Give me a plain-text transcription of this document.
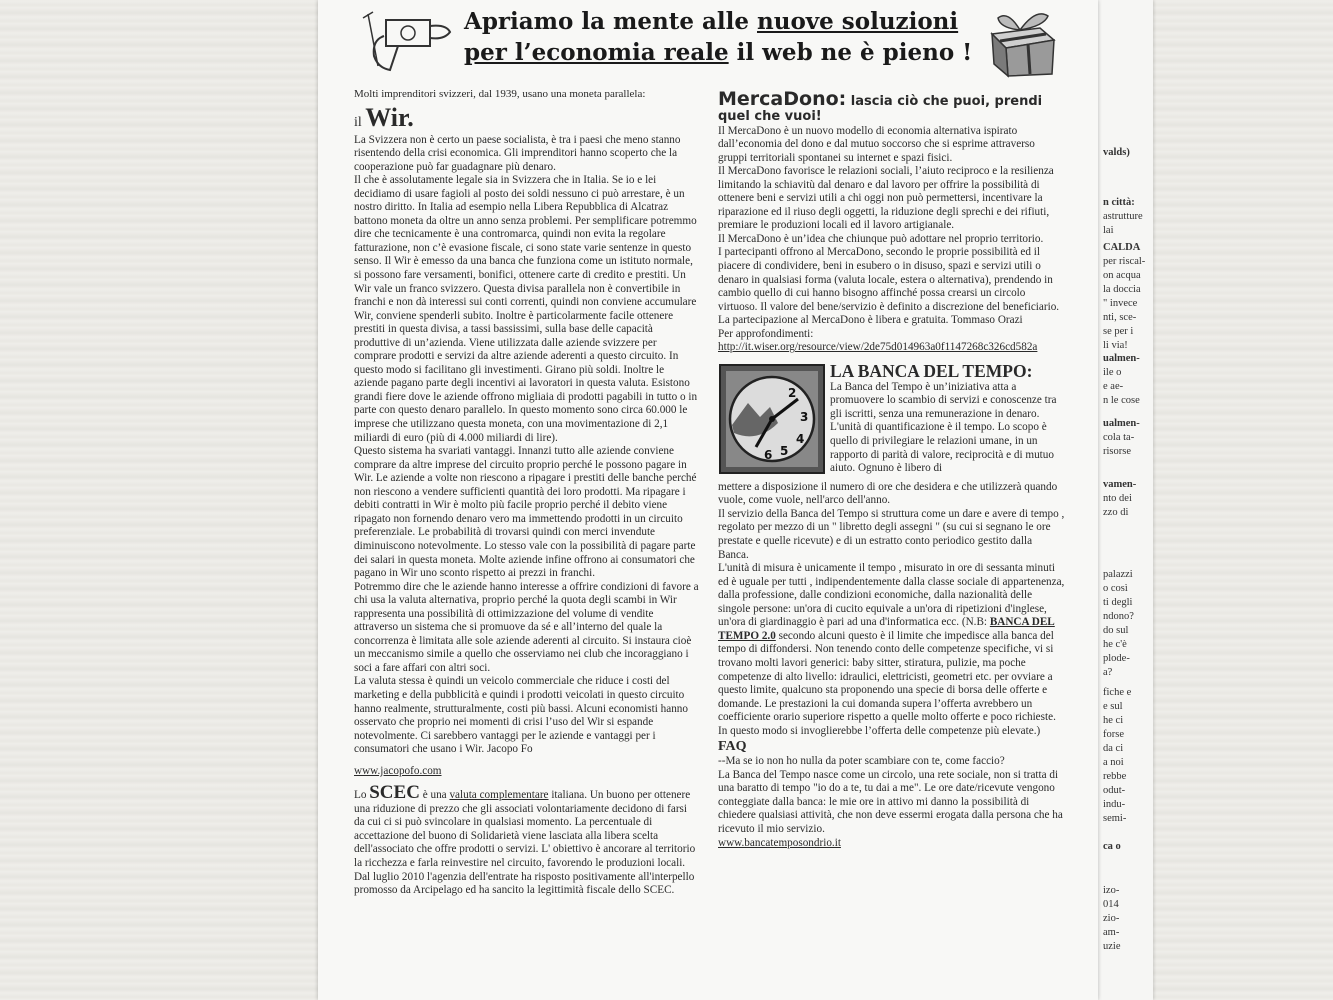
valds)
n città:
astrutture
lai
CALDA
per riscal-
on acqua
la doccia
" invece
nti, sce-
se per i
li via!
ualmen-
ile o
e ae-
n le cose
ualmen-
cola ta-
risorse
vamen-
nto dei
zzo di
palazzi
o così
ti degli
ndono?
do sul
he c'è
plode-
a?
fiche e
e sul
he ci
forse
da ci
a noi
rebbe
odut-
indu-
semi-
ca o
izo-
014
zio-
am-
uzie
Apriamo la mente alle nuove soluzioni
per l’economia reale il web ne è pieno !

Molti imprenditori svizzeri, dal 1939, usano una moneta parallela:

il Wir.

La Svizzera non è certo un paese socialista, è tra i paesi che meno stanno risentendo della crisi economica. Gli imprenditori hanno scoperto che la cooperazione può far guadagnare più denaro.

Il che è assolutamente legale sia in Svizzera che in Italia. Se io e lei decidiamo di usare fagioli al posto dei soldi nessuno ci può arrestare, è un nostro diritto. In Italia ad esempio nella Libera Repubblica di Alcatraz battono moneta da oltre un anno senza problemi. Per semplificare potremmo dire che tecnicamente è una contromarca, quindi non evita la regolare fatturazione, non c’è evasione fiscale, ci sono state varie sentenze in questo senso. Il Wir è emesso da una banca che funziona come un istituto normale, si possono fare versamenti, bonifici, ottenere carte di credito e prestiti. Un Wir vale un franco svizzero. Questa divisa parallela non è convertibile in franchi e non dà interessi sui conti correnti, quindi non conviene accumulare Wir, conviene spenderli subito. Inoltre è particolarmente facile ottenere prestiti in questa divisa, a tassi bassissimi, sulla base delle capacità produttive di un’azienda. Viene utilizzata dalle aziende svizzere per comprare prodotti e servizi da altre aziende aderenti a questo circuito. In questo modo si facilitano gli investimenti. Girano più soldi. Inoltre le aziende pagano parte degli incentivi ai lavoratori in questa valuta. Esistono grandi fiere dove le aziende offrono migliaia di prodotti pagabili in tutto o in parte con questo denaro parallelo. In questo momento sono circa 60.000 le imprese che utilizzano questa moneta, con una movimentazione di 2,1 miliardi di euro (più di 4.000 miliardi di lire).

Questo sistema ha svariati vantaggi. Innanzi tutto alle aziende conviene comprare da altre imprese del circuito proprio perché le possono pagare in Wir. Le aziende a volte non riescono a ripagare i prestiti delle banche perché non riescono a vendere sufficienti quantità dei loro prodotti. Ma ripagare i debiti contratti in Wir è molto più facile proprio perché il debito viene ripagato non fornendo denaro vero ma immettendo prodotti in un circuito preferenziale. Le probabilità di trovarsi quindi con merci invendute diminuiscono notevolmente. Lo stesso vale con la possibilità di pagare parte dei salari in questa moneta. Molte aziende infine offrono ai consumatori che pagano in Wir uno sconto rispetto ai prezzi in franchi.

Potremmo dire che le aziende hanno interesse a offrire condizioni di favore a chi usa la valuta alternativa, proprio perché la quota degli scambi in Wir rappresenta una possibilità di ottimizzazione del volume di vendite attraverso un sistema che si promuove da sé e all’interno del quale la concorrenza è limitata alle sole aziende aderenti al circuito. Si instaura cioè un meccanismo simile a quello che osserviamo nei club che incoraggiano i soci a fare affari con altri soci.

La valuta stessa è quindi un veicolo commerciale che riduce i costi del marketing e della pubblicità e quindi i prodotti veicolati in questo circuito hanno realmente, strutturalmente, costi più bassi. Alcuni economisti hanno osservato che proprio nei momenti di crisi l’uso del Wir si espande notevolmente. Ci sarebbero vantaggi per le aziende e vantaggi per i consumatori che usano i Wir. Jacopo Fo

www.jacopofo.com

Lo SCEC è una valuta complementare italiana. Un buono per ottenere una riduzione di prezzo che gli associati volontariamente decidono di farsi da cui ci si può svincolare in qualsiasi momento. La percentuale di accettazione del buono di Solidarietà viene lasciata alla libera scelta dell'associato che offre prodotti o servizi. L' obiettivo è ancorare al territorio la ricchezza e farla reinvestire nel circuito, favorendo le produzioni locali. Dal luglio 2010 l'agenzia dell'entrate ha risposto positivamente all'interpello promosso da Arcipelago ed ha sancito la legittimità fiscale dello SCEC.

MercaDono: lascia ciò che puoi, prendi quel che vuoi!

Il MercaDono è un nuovo modello di economia alternativa ispirato dall’economia del dono e dal mutuo soccorso che si esprime attraverso gruppi territoriali spontanei su internet e spazi fisici.

Il MercaDono favorisce le relazioni sociali, l’aiuto reciproco e la resilienza limitando la schiavitù dal denaro e dal lavoro per offrire la possibilità di ottenere beni e servizi utili a chi oggi non può permettersi, incentivare la riparazione ed il riuso degli oggetti, la riduzione degli sprechi e dei rifiuti, premiare le produzioni locali ed il lavoro artigianale.

Il MercaDono è un’idea che chiunque può adottare nel proprio territorio.

I partecipanti offrono al MercaDono, secondo le proprie possibilità ed il piacere di condividere, beni in esubero o in disuso, spazi e servizi utili o denaro in qualsiasi forma (valuta locale, estera o alternativa), prendendo in cambio quello di cui hanno bisogno affinché possa crearsi un circolo virtuoso. Il valore del bene/servizio è definito a discrezione del beneficiario. La partecipazione al MercaDono è libera e gratuita. Tommaso Orazi

Per approfondimenti: http://it.wiser.org/resource/view/2de75d014963a0f1147268c326cd582a

2
3
4
5
6
LA BANCA DEL TEMPO:
La Banca del Tempo è un’iniziativa atta a promuovere lo scambio di servizi e conoscenze tra gli iscritti, senza una remunerazione in denaro. L'unità di quantificazione è il tempo. Lo scopo è quello di privilegiare le relazioni umane, in un rapporto di parità di valore, reciprocità e di mutuo aiuto. Ognuno è libero di

mettere a disposizione il numero di ore che desidera e che utilizzerà quando vuole, come vuole, nell'arco dell'anno.

Il servizio della Banca del Tempo si struttura come un dare e avere di tempo , regolato per mezzo di un " libretto degli assegni " (su cui si segnano le ore prestate e quelle ricevute) e di un estratto conto periodico gestito dalla Banca.

L'unità di misura è unicamente il tempo , misurato in ore di sessanta minuti ed è uguale per tutti , indipendentemente dalla classe sociale di appartenenza, dalla professione, dalle condizioni economiche, dalla nazionalità delle singole persone: un'ora di cucito equivale a un'ora di ripetizioni d'inglese, un'ora di giardinaggio è pari ad una d'informatica ecc. (N.B: BANCA DEL TEMPO 2.0 secondo alcuni questo è il limite che impedisce alla banca del tempo di diffondersi. Non tenendo conto delle competenze specifiche, vi si trovano molti lavori generici: baby sitter, stiratura, pulizie, ma poche competenze di alto livello: idraulici, elettricisti, geometri etc. per ovviare a questo limite, qualcuno sta proponendo una specie di borsa delle offerte e domande. Le prestazioni la cui domanda supera l’offerta avrebbero un coefficiente orario superiore rispetto a quelle molto offerte e poco richieste. In questo modo si invoglierebbe l’offerta delle competenze più elevate.)

FAQ

--Ma se io non ho nulla da poter scambiare con te, come faccio?

La Banca del Tempo nasce come un circolo, una rete sociale, non si tratta di una baratto di tempo "io do a te, tu dai a me". Le ore date/ricevute vengono conteggiate dalla banca: le mie ore in attivo mi danno la possibilità di chiedere qualsiasi attività, che non deve essermi erogata dalla persona che ha ricevuto il mio servizio.

www.bancatemposondrio.it
